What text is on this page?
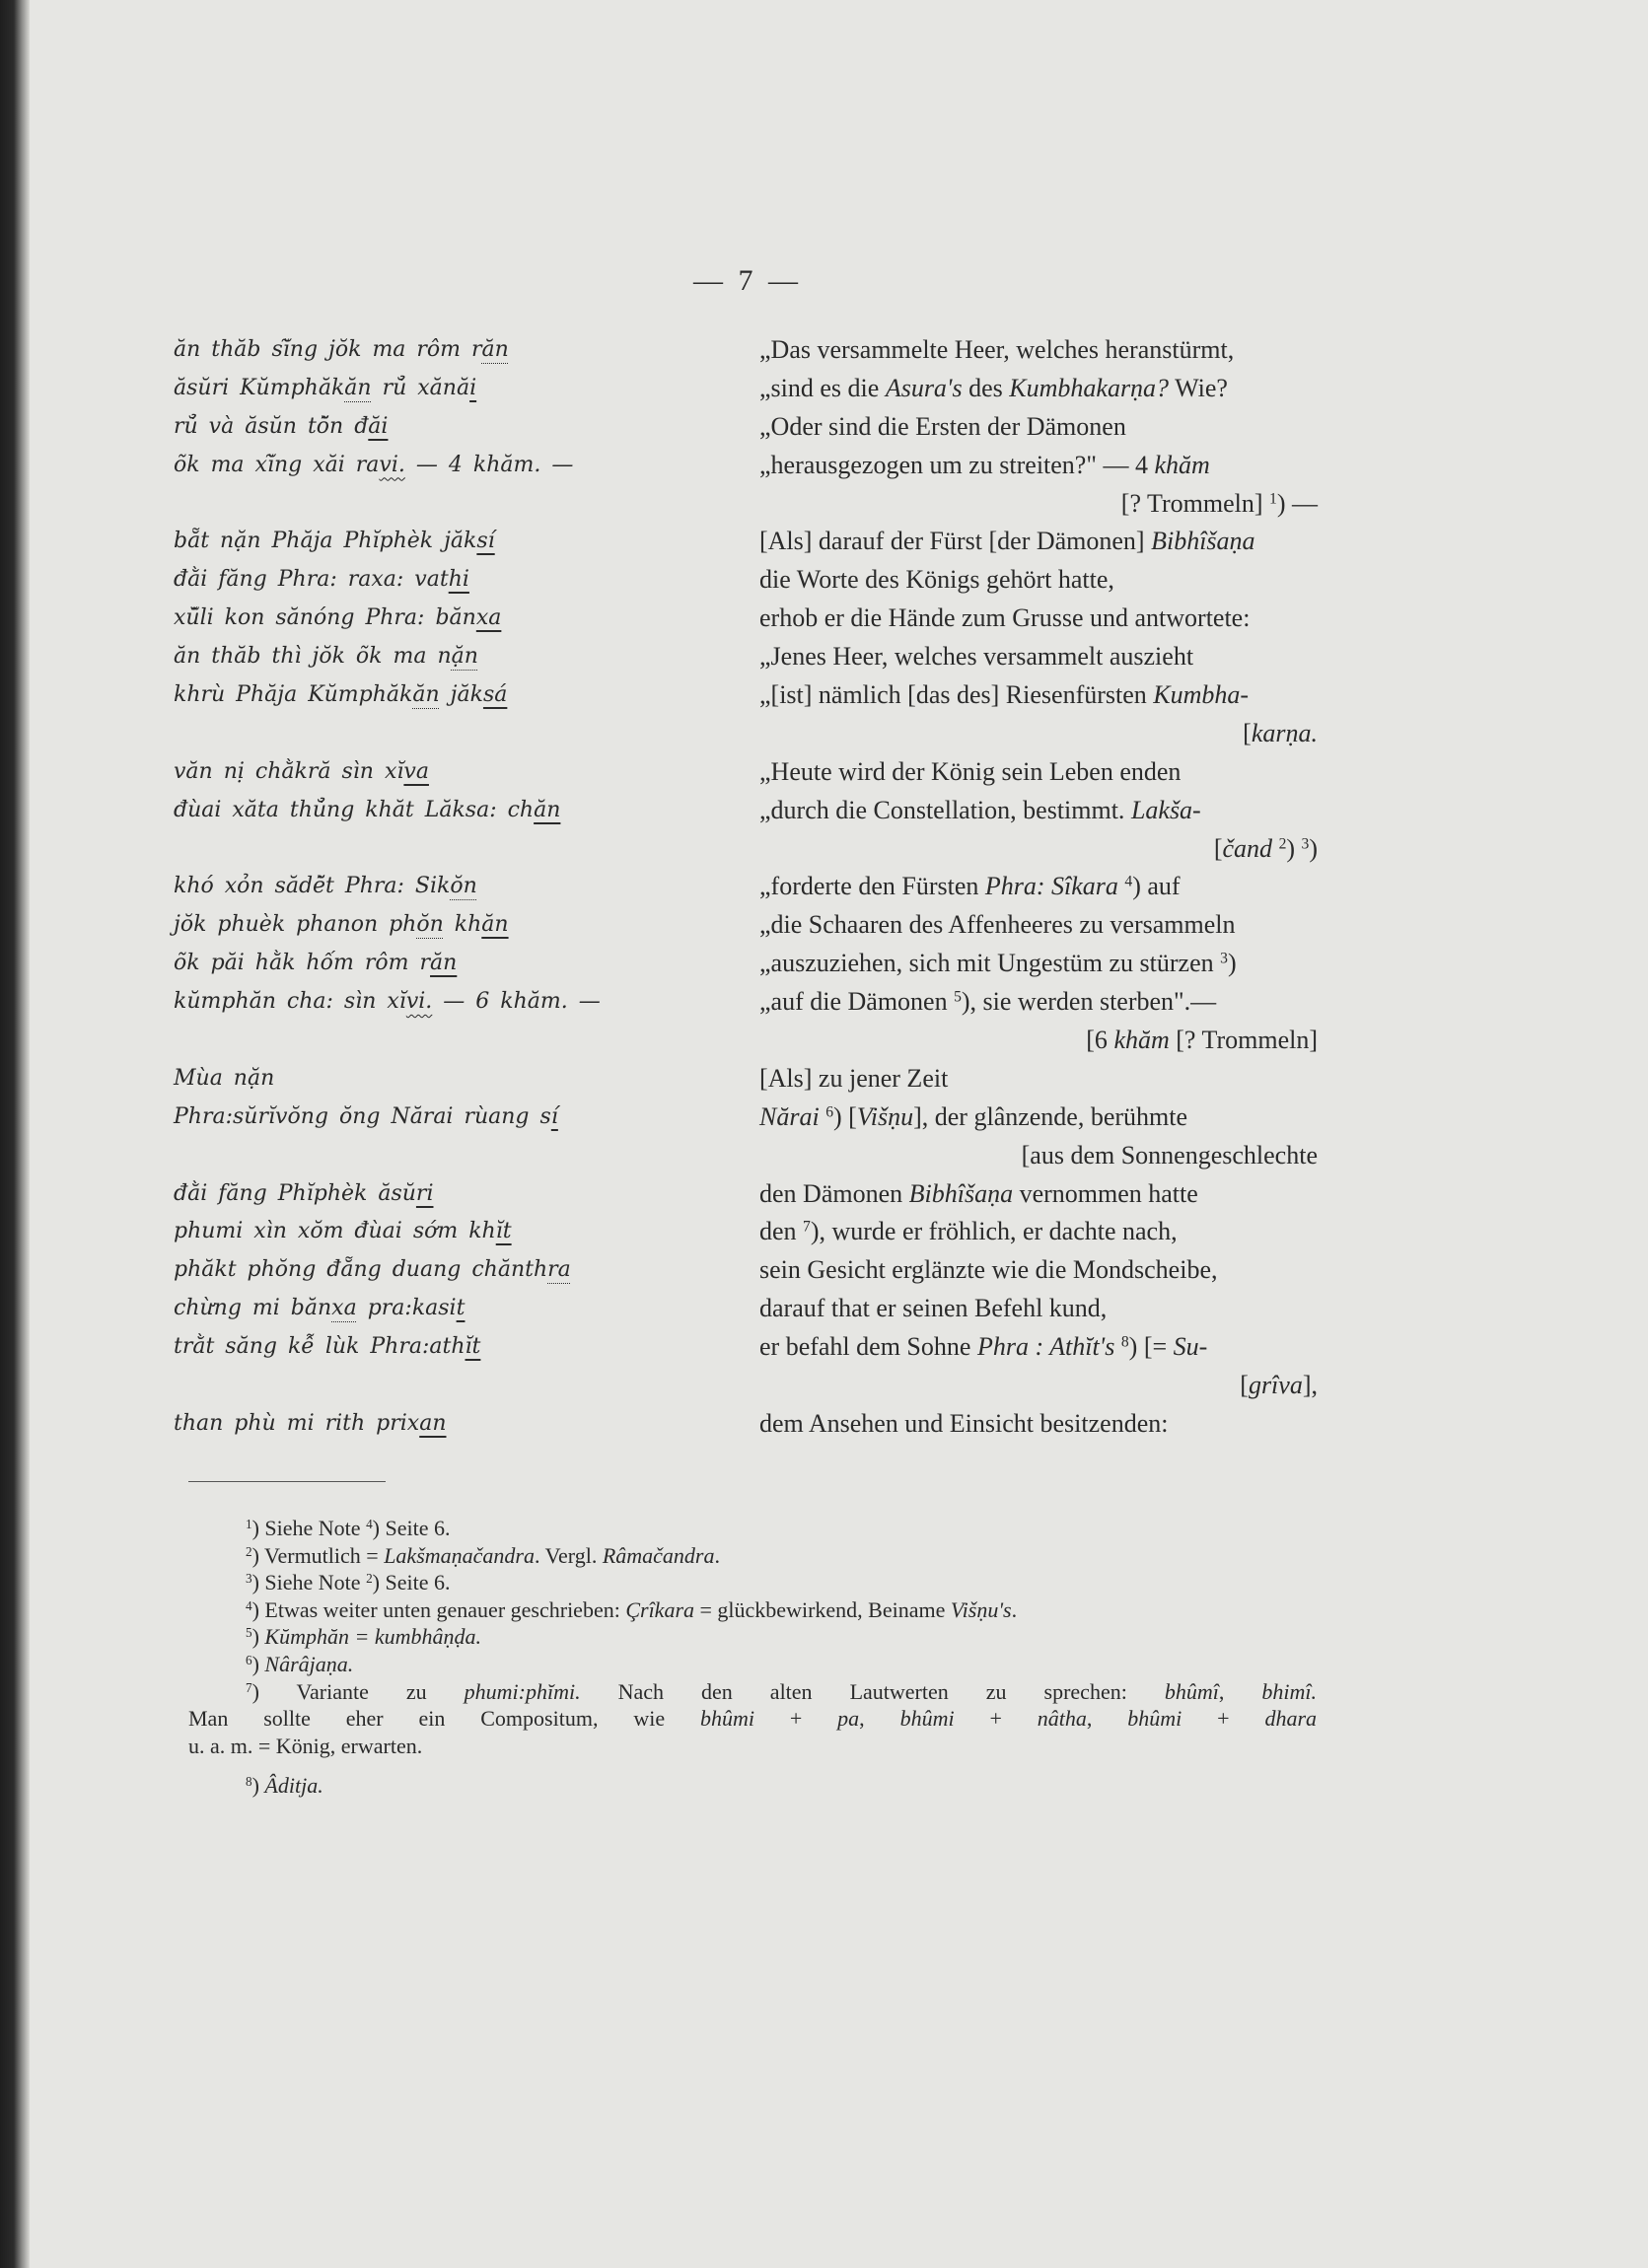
— 7 —
ăn thăb sĭ̃ng jŏk ma rôm răn
ăsŭri Kŭmphăkăn rŭ̉ xănăi
rŭ̉ và ăsŭn tŏ̃n đăi
õk ma xĭ̃ng xăi ravi. — 4 khăm. —
bẵt nặn Phăja Phĭphèk jăksí
đằi făng Phra: raxa: vathi
xŭ̃li kon sănóng Phra: bănxa
ăn thăb thì jŏk õk ma nặn
khrù Phăja Kŭmphăkăn jăksá
văn nị chằkră sìn xĭva
đùai xăta thŭ̉ng khăt Lăksa: chăn
khó xỏn sădĕ̃t Phra: Sikŏn
jŏk phuèk phanon phŏn khăn
õk păi hằk hốm rôm răn
kŭmphăn cha: sìn xĭvi. — 6 khăm. —
Mùa nặn
Phra:sŭrĭvŏng ŏng Nărai rùang sí
đằi făng Phĭphèk ăsŭri
phumi xìn xŏm đùai sớm khĭt
phăkt phŏng đẵng duang chănthra
chừng mi bănxa pra:kasit
trằt săng kễ lùk Phra:athĭt
than phù mi rith prixan
„Das versammelte Heer, welches heranstürmt,
„sind es die Asura's des Kumbhakarṇa? Wie?
„Oder sind die Ersten der Dämonen
„herausgezogen um zu streiten?" — 4 khăm
[? Trommeln] $^1$) —
[Als] darauf der Fürst [der Dämonen] Bibhîšaṇa
die Worte des Königs gehört hatte,
erhob er die Hände zum Grusse und antwortete:
„Jenes Heer, welches versammelt auszieht
„[ist] nämlich [das des] Riesenfürsten Kumbha-
[karṇa.
„Heute wird der König sein Leben enden
„durch die Constellation, bestimmt. Lakša-
[čand $^2$) $^3$)
„forderte den Fürsten Phra: Sîkara $^4$) auf
„die Schaaren des Affenheeres zu versammeln
„auszuziehen, sich mit Ungestüm zu stürzen $^3$)
„auf die Dämonen $^5$), sie werden sterben".—
[6 khăm [? Trommeln]
[Als] zu jener Zeit
Nărai $^6$) [Višṇu], der glânzende, berühmte
[aus dem Sonnengeschlechte
den Dämonen Bibhîšaṇa vernommen hatte
den $^7$), wurde er fröhlich, er dachte nach,
sein Gesicht erglänzte wie die Mondscheibe,
darauf that er seinen Befehl kund,
er befahl dem Sohne Phra : Athĭt's $^8$) [= Su-
[grîva],
dem Ansehen und Einsicht besitzenden:
$^1$) Siehe Note $^4$) Seite 6.
$^2$) Vermutlich = Lakšmaṇačandra. Vergl. Râmačandra.
$^3$) Siehe Note $^2$) Seite 6.
$^4$) Etwas weiter unten genauer geschrieben: Çrîkara = glückbewirkend, Beiname Višṇu's.
$^5$) Kŭmphăn = kumbhâṇḍa.
$^6$) Nârâjaṇa.
$^7$) Variante zu phumi:phĭmi. Nach den alten Lautwerten zu sprechen: bhûmî, bhimî.
Man sollte eher ein Compositum, wie bhûmi + pa, bhûmi + nâtha, bhûmi + dhara
u. a. m. = König, erwarten.
$^8$) Âditja.
